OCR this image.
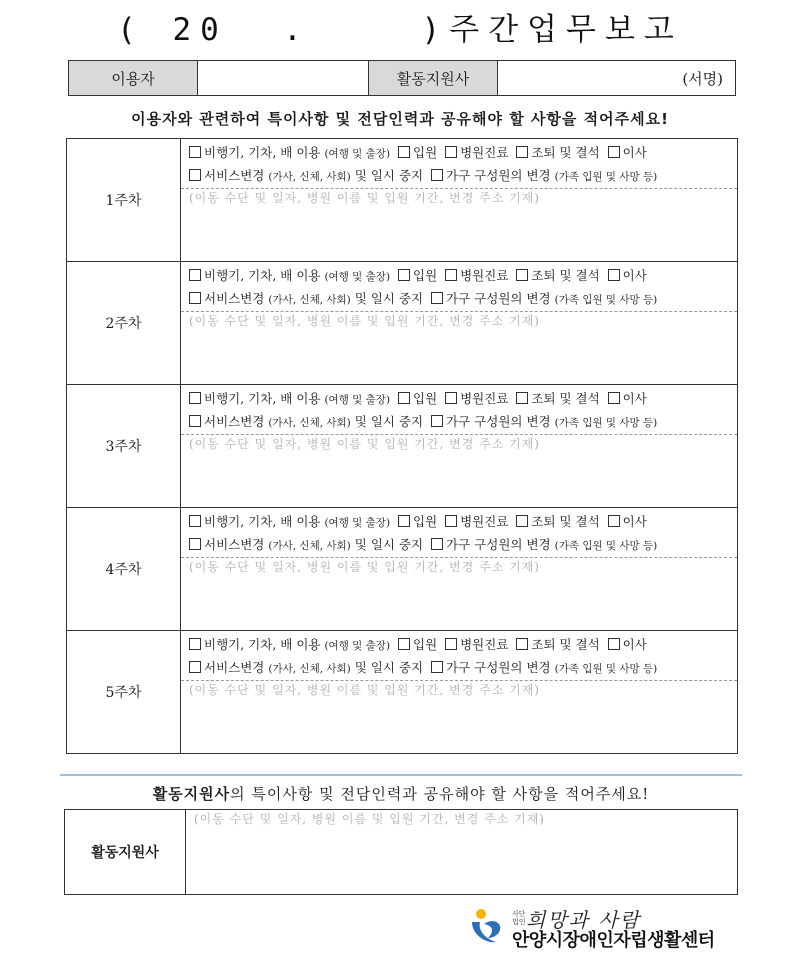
( 20  .    )주간업무보고
이용자		활동지원사	(서명)
이용자와 관련하여 특이사항 및 전담인력과 공유해야 할 사항을 적어주세요!
1주차	비행기, 기차, 배 이용 (여행 및 출장) 입원 병원진료 조퇴 및 결석 이사
서비스변경 (가사, 신체, 사회) 및 일시 중지 가구 구성원의 변경 (가족 입원 및 사망 등)
(이동 수단 및 일자, 병원 이름 및 입원 기간, 변경 주소 기재)

2주차	비행기, 기차, 배 이용 (여행 및 출장) 입원 병원진료 조퇴 및 결석 이사
서비스변경 (가사, 신체, 사회) 및 일시 중지 가구 구성원의 변경 (가족 입원 및 사망 등)
(이동 수단 및 일자, 병원 이름 및 입원 기간, 변경 주소 기재)

3주차	비행기, 기차, 배 이용 (여행 및 출장) 입원 병원진료 조퇴 및 결석 이사
서비스변경 (가사, 신체, 사회) 및 일시 중지 가구 구성원의 변경 (가족 입원 및 사망 등)
(이동 수단 및 일자, 병원 이름 및 입원 기간, 변경 주소 기재)

4주차	비행기, 기차, 배 이용 (여행 및 출장) 입원 병원진료 조퇴 및 결석 이사
서비스변경 (가사, 신체, 사회) 및 일시 중지 가구 구성원의 변경 (가족 입원 및 사망 등)
(이동 수단 및 일자, 병원 이름 및 입원 기간, 변경 주소 기재)

5주차	비행기, 기차, 배 이용 (여행 및 출장) 입원 병원진료 조퇴 및 결석 이사
서비스변경 (가사, 신체, 사회) 및 일시 중지 가구 구성원의 변경 (가족 입원 및 사망 등)
(이동 수단 및 일자, 병원 이름 및 입원 기간, 변경 주소 기재)
활동지원사의 특이사항 및 전담인력과 공유해야 할 사항을 적어주세요!
활동지원사	
(이동 수단 및 일자, 병원 이름 및 입원 기간, 변경 주소 기재)
사단
법인 희망과 사람
안양시장애인자립생활센터
